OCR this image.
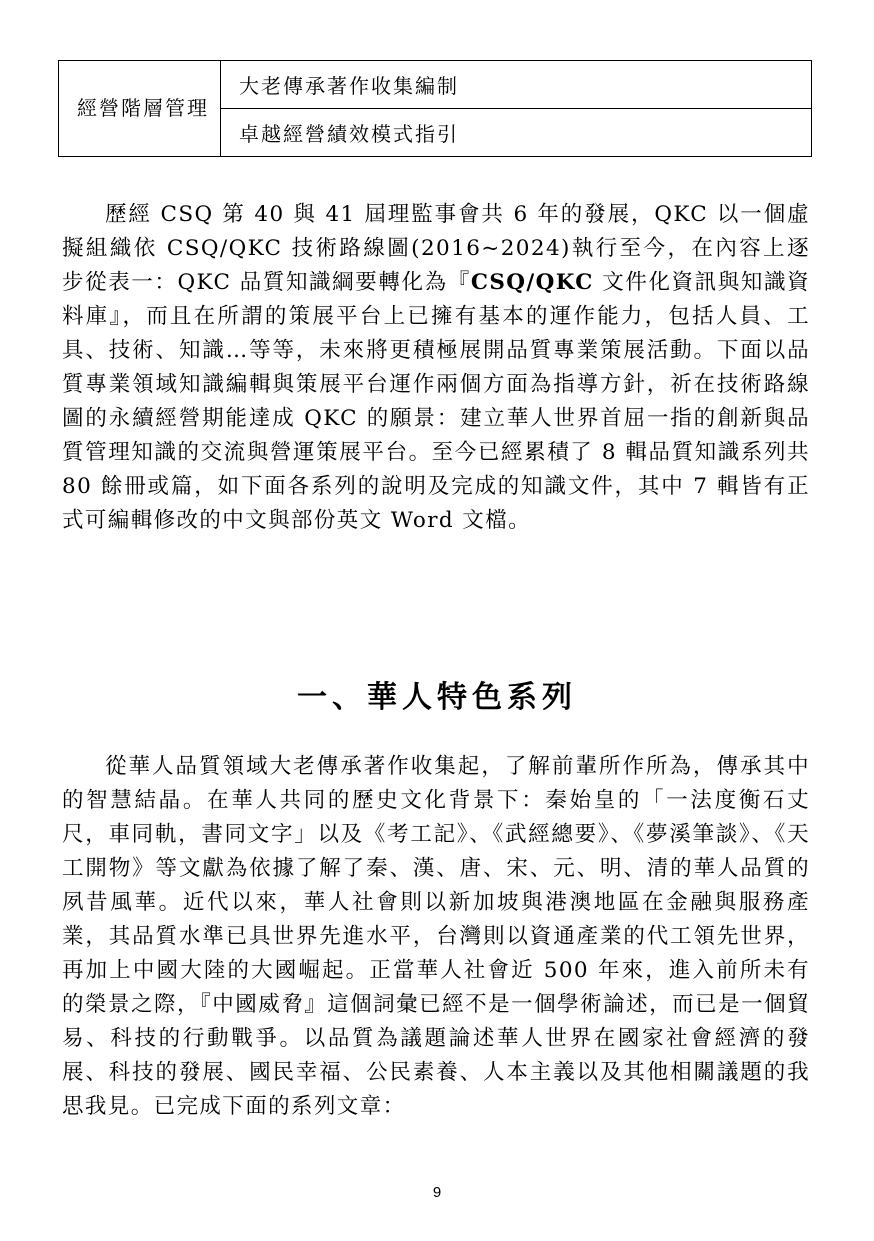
經營階層管理	大老傳承著作收集編制
卓越經營績效模式指引

歷經 CSQ 第 40 與 41 屆理監事會共 6 年的發展，QKC 以一個虛擬組織依 CSQ/QKC 技術路線圖(2016~2024)執行至今，在內容上逐步從表一：QKC 品質知識綱要轉化為『CSQ/QKC 文件化資訊與知識資料庫』，而且在所謂的策展平台上已擁有基本的運作能力，包括人員、工具、技術、知識…等等，未來將更積極展開品質專業策展活動。下面以品質專業領域知識編輯與策展平台運作兩個方面為指導方針，祈在技術路線圖的永續經營期能達成 QKC 的願景：建立華人世界首屈一指的創新與品質管理知識的交流與營運策展平台。至今已經累積了 8 輯品質知識系列共 80 餘冊或篇，如下面各系列的說明及完成的知識文件，其中 7 輯皆有正式可編輯修改的中文與部份英文 Word 文檔。

一、華人特色系列

從華人品質領域大老傳承著作收集起，了解前輩所作所為，傳承其中的智慧結晶。在華人共同的歷史文化背景下：秦始皇的「一法度衡石丈尺，車同軌，書同文字」以及《考工記》、《武經總要》、《夢溪筆談》、《天工開物》等文獻為依據了解了秦、漢、唐、宋、元、明、清的華人品質的夙昔風華。近代以來，華人社會則以新加坡與港澳地區在金融與服務產業，其品質水準已具世界先進水平，台灣則以資通產業的代工領先世界，再加上中國大陸的大國崛起。正當華人社會近 500 年來，進入前所未有的榮景之際，『中國威脅』這個詞彙已經不是一個學術論述，而已是一個貿易、科技的行動戰爭。以品質為議題論述華人世界在國家社會經濟的發展、科技的發展、國民幸福、公民素養、人本主義以及其他相關議題的我思我見。已完成下面的系列文章：

9
